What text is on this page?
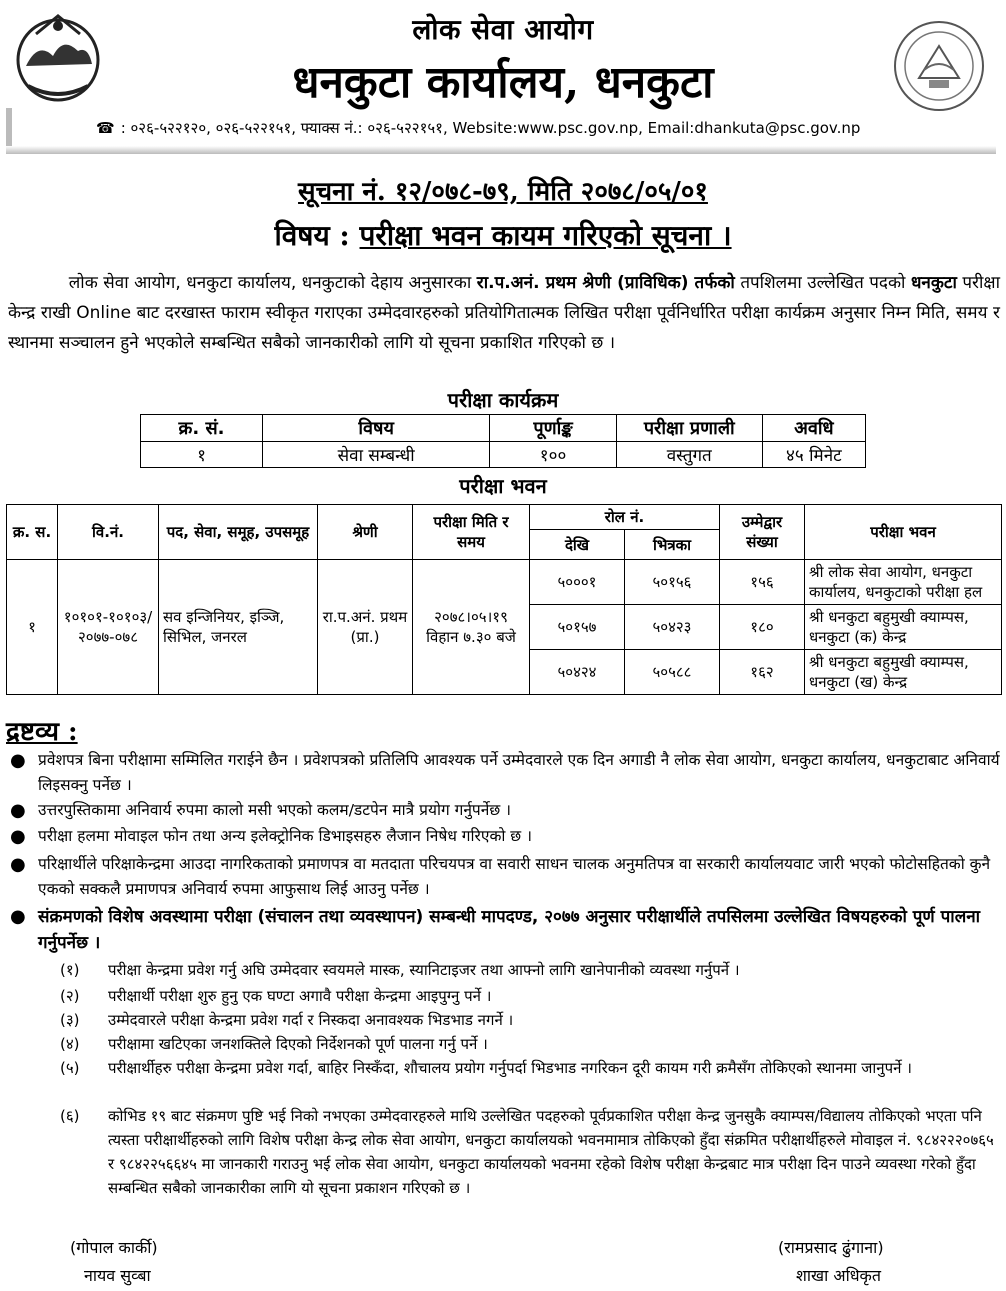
लोक सेवा आयोग
धनकुटा कार्यालय, धनकुटा
☎ : ०२६-५२२१२०, ०२६-५२२१५१, फ्याक्स नं.: ०२६-५२२१५१, Website:www.psc.gov.np, Email:dhankuta@psc.gov.np
सूचना नं. १२/०७८-७९, मिति २०७८/०५/०१
विषय : परीक्षा भवन कायम गरिएको सूचना ।
लोक सेवा आयोग, धनकुटा कार्यालय, धनकुटाको देहाय अनुसारका रा.प.अनं. प्रथम श्रेणी (प्राविधिक) तर्फको तपशिलमा उल्लेखित पदको धनकुटा परीक्षा केन्द्र राखी Online बाट दरखास्त फाराम स्वीकृत गराएका उम्मेदवारहरुको प्रतियोगितात्मक लिखित परीक्षा पूर्वनिर्धारित परीक्षा कार्यक्रम अनुसार निम्न मिति, समय र स्थानमा सञ्चालन हुने भएकोले सम्बन्धित सबैको जानकारीको लागि यो सूचना प्रकाशित गरिएको छ ।
परीक्षा कार्यक्रम
क्र. सं.	विषय	पूर्णाङ्क	परीक्षा प्रणाली	अवधि
१	सेवा सम्बन्धी	१००	वस्तुगत	४५ मिनेट
परीक्षा भवन
क्र. स.	वि.नं.	पद, सेवा, समूह, उपसमूह	श्रेणी	परीक्षा मिति र समय	रोल नं.		उम्मेद्वार संख्या	परीक्षा भवन
					देखि	भित्रका		
१	१०१०१-१०१०३/ २०७७-०७८	सव इन्जिनियर, इञ्जि, सिभिल, जनरल	रा.प.अनं. प्रथम (प्रा.)	२०७८।०५।१९ विहान ७.३० बजे	५०००१	५०१५६	१५६	श्री लोक सेवा आयोग, धनकुटा कार्यालय, धनकुटाको परीक्षा हल
					५०१५७	५०४२३	१८०	श्री धनकुटा बहुमुखी क्याम्पस, धनकुटा (क) केन्द्र
					५०४२४	५०५८८	१६२	श्री धनकुटा बहुमुखी क्याम्पस, धनकुटा (ख) केन्द्र
द्रष्टव्य :
● प्रवेशपत्र बिना परीक्षामा सम्मिलित गराईने छैन । प्रवेशपत्रको प्रतिलिपि आवश्यक पर्ने उम्मेदवारले एक दिन अगाडी नै लोक सेवा आयोग, धनकुटा कार्यालय, धनकुटाबाट अनिवार्य लिइसक्नु पर्नेछ ।
● उत्तरपुस्तिकामा अनिवार्य रुपमा कालो मसी भएको कलम/डटपेन मात्रै प्रयोग गर्नुपर्नेछ ।
● परीक्षा हलमा मोवाइल फोन तथा अन्य इलेक्ट्रोनिक डिभाइसहरु लैजान निषेध गरिएको छ ।
● परिक्षार्थीले परिक्षाकेन्द्रमा आउदा नागरिकताको प्रमाणपत्र वा मतदाता परिचयपत्र वा सवारी साधन चालक अनुमतिपत्र वा सरकारी कार्यालयवाट जारी भएको फोटोसहितको कुनै एकको सक्कलै प्रमाणपत्र अनिवार्य रुपमा आफुसाथ लिई आउनु पर्नेछ ।
● संक्रमणको विशेष अवस्थामा परीक्षा (संचालन तथा व्यवस्थापन) सम्बन्धी मापदण्ड, २०७७ अनुसार परीक्षार्थीले तपसिलमा उल्लेखित विषयहरुको पूर्ण पालना गर्नुपर्नेछ ।
(१) परीक्षा केन्द्रमा प्रवेश गर्नु अघि उम्मेदवार स्वयमले मास्क, स्यानिटाइजर तथा आफ्नो लागि खानेपानीको व्यवस्था गर्नुपर्ने ।
(२) परीक्षार्थी परीक्षा शुरु हुनु एक घण्टा अगावै परीक्षा केन्द्रमा आइपुग्नु पर्ने ।
(३) उम्मेदवारले परीक्षा केन्द्रमा प्रवेश गर्दा र निस्कदा अनावश्यक भिडभाड नगर्ने ।
(४) परीक्षामा खटिएका जनशक्तिले दिएको निर्देशनको पूर्ण पालना गर्नु पर्ने ।
(५) परीक्षार्थीहरु परीक्षा केन्द्रमा प्रवेश गर्दा, बाहिर निस्कँदा, शौचालय प्रयोग गर्नुपर्दा भिडभाड नगरिकन दूरी कायम गरी क्रमैसँग तोकिएको स्थानमा जानुपर्ने ।
(६) कोभिड १९ बाट संक्रमण पुष्टि भई निको नभएका उम्मेदवारहरुले माथि उल्लेखित पदहरुको पूर्वप्रकाशित परीक्षा केन्द्र जुनसुकै क्याम्पस/विद्यालय तोकिएको भएता पनि त्यस्ता परीक्षार्थीहरुको लागि विशेष परीक्षा केन्द्र लोक सेवा आयोग, धनकुटा कार्यालयको भवनमामात्र तोकिएको हुँदा संक्रमित परीक्षार्थीहरुले मोवाइल नं. ९८४२२२०७६५ र ९८४२२५६६४५ मा जानकारी गराउनु भई लोक सेवा आयोग, धनकुटा कार्यालयको भवनमा रहेको विशेष परीक्षा केन्द्रबाट मात्र परीक्षा दिन पाउने व्यवस्था गरेको हुँदा सम्बन्धित सबैको जानकारीका लागि यो सूचना प्रकाशन गरिएको छ ।
(गोपाल कार्की)
नायव सुव्बा
(रामप्रसाद ढुंगाना)
शाखा अधिकृत
